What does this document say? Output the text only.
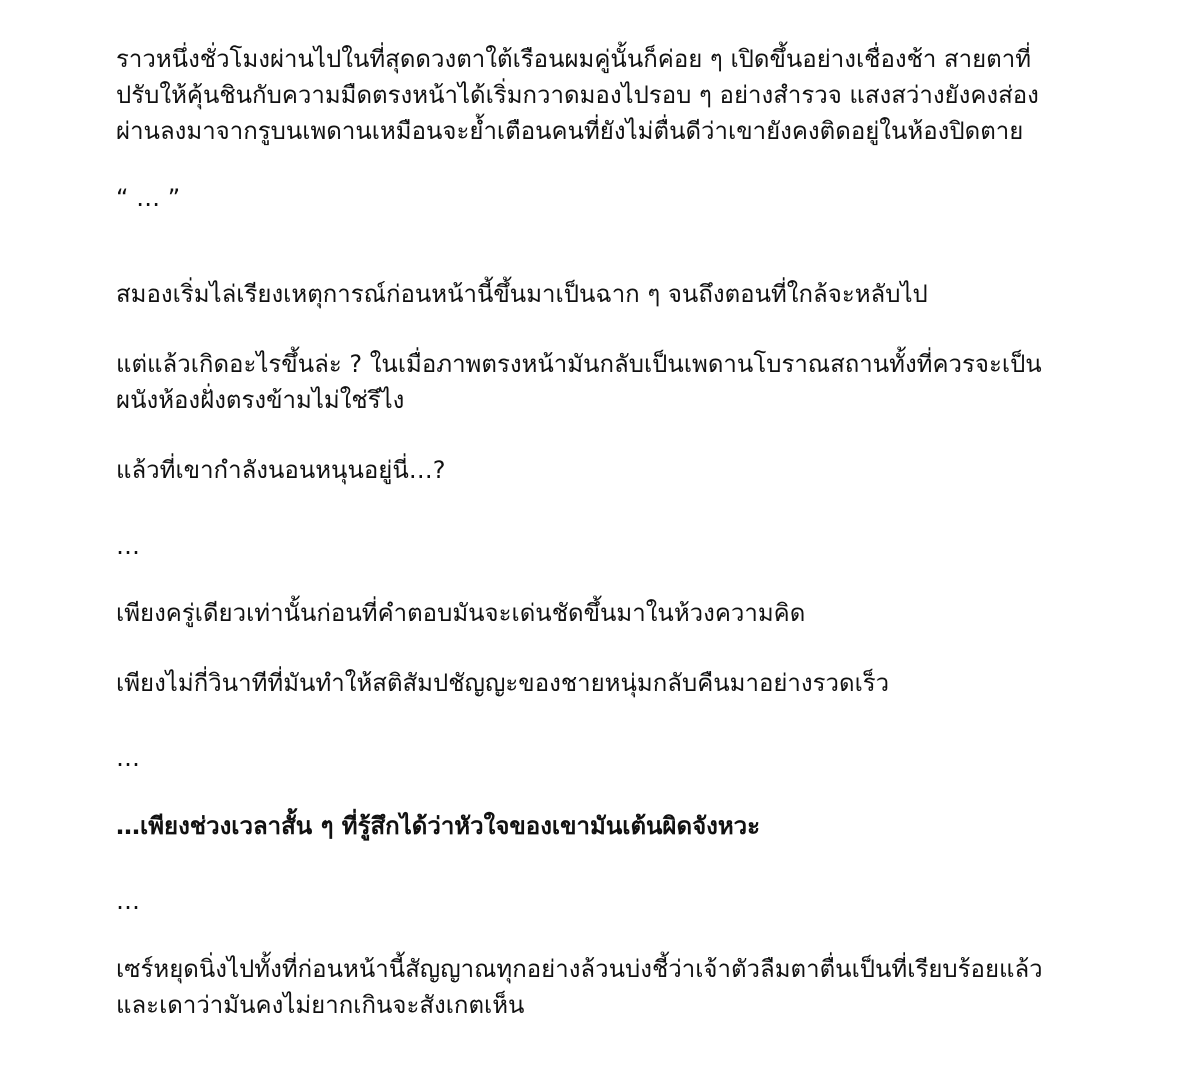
ราวหนึ่งชั่วโมงผ่านไปในที่สุดดวงตาใต้เรือนผมคู่นั้นก็ค่อย ๆ เปิดขึ้นอย่างเชื่องช้า สายตาที่
ปรับให้คุ้นชินกับความมืดตรงหน้าได้เริ่มกวาดมองไปรอบ ๆ อย่างสำรวจ แสงสว่างยังคงส่อง
ผ่านลงมาจากรูบนเพดานเหมือนจะย้ำเตือนคนที่ยังไม่ตื่นดีว่าเขายังคงติดอยู่ในห้องปิดตาย
“ … ”
สมองเริ่มไล่เรียงเหตุการณ์ก่อนหน้านี้ขึ้นมาเป็นฉาก ๆ จนถึงตอนที่ใกล้จะหลับไป
แต่แล้วเกิดอะไรขึ้นล่ะ ? ในเมื่อภาพตรงหน้ามันกลับเป็นเพดานโบราณสถานทั้งที่ควรจะเป็น
ผนังห้องฝั่งตรงข้ามไม่ใช่รึไง
แล้วที่เขากำลังนอนหนุนอยู่นี่…?
…
เพียงครู่เดียวเท่านั้นก่อนที่คำตอบมันจะเด่นชัดขึ้นมาในห้วงความคิด
เพียงไม่กี่วินาทีที่มันทำให้สติสัมปชัญญะของชายหนุ่มกลับคืนมาอย่างรวดเร็ว
…
…เพียงช่วงเวลาสั้น ๆ ที่รู้สึกได้ว่าหัวใจของเขามันเต้นผิดจังหวะ
…
เซร์หยุดนิ่งไปทั้งที่ก่อนหน้านี้สัญญาณทุกอย่างล้วนบ่งชี้ว่าเจ้าตัวลืมตาตื่นเป็นที่เรียบร้อยแล้ว
และเดาว่ามันคงไม่ยากเกินจะสังเกตเห็น
